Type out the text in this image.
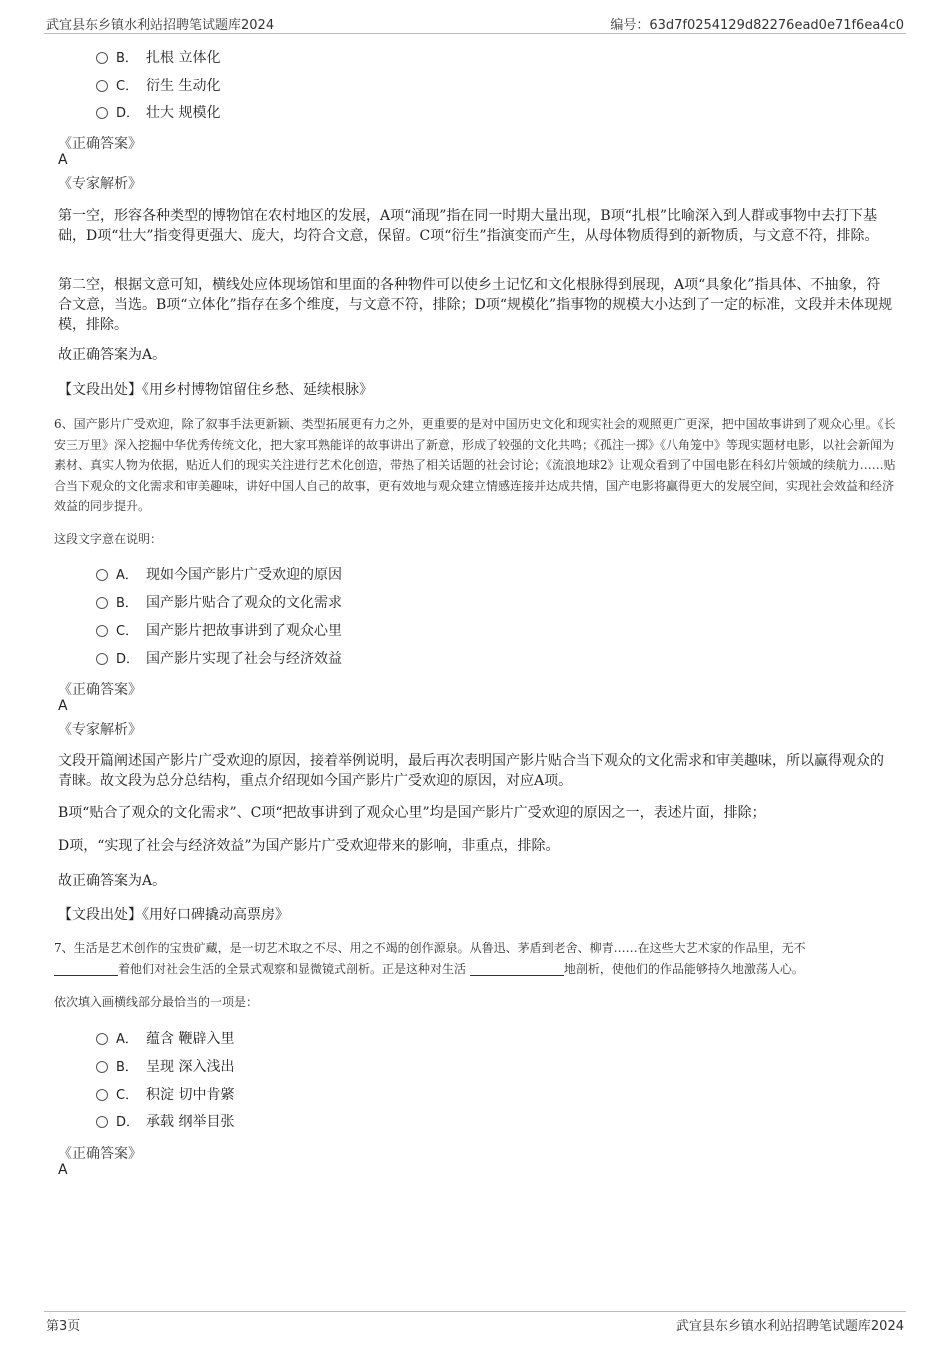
武宜县东乡镇水利站招聘笔试题库2024	编号：63d7f0254129d82276ead0e71f6ea4c0
B． 扎根 立体化
C． 衍生 生动化
D． 壮大 规模化
《正确答案》
A
《专家解析》
第一空，形容各种类型的博物馆在农村地区的发展，A项“涌现”指在同一时期大量出现，B项“扎根”比喻深入到人群或事物中去打下基础，D项“壮大”指变得更强大、庞大，均符合文意，保留。C项“衍生”指演变而产生，从母体物质得到的新物质，与文意不符，排除。
第二空，根据文意可知，横线处应体现场馆和里面的各种物件可以使乡土记忆和文化根脉得到展现，A项“具象化”指具体、不抽象，符合文意，当选。B项“立体化”指存在多个维度，与文意不符，排除；D项“规模化”指事物的规模大小达到了一定的标准，文段并未体现规模，排除。
故正确答案为A。
【文段出处】《用乡村博物馆留住乡愁、延续根脉》
6、国产影片广受欢迎，除了叙事手法更新颖、类型拓展更有力之外，更重要的是对中国历史文化和现实社会的观照更广更深，把中国故事讲到了观众心里。《长安三万里》深入挖掘中华优秀传统文化，把大家耳熟能详的故事讲出了新意，形成了较强的文化共鸣；《孤注一掷》《八角笼中》等现实题材电影，以社会新闻为素材、真实人物为依据，贴近人们的现实关注进行艺术化创造，带热了相关话题的社会讨论；《流浪地球2》让观众看到了中国电影在科幻片领域的续航力……贴合当下观众的文化需求和审美趣味，讲好中国人自己的故事，更有效地与观众建立情感连接并达成共情，国产电影将赢得更大的发展空间，实现社会效益和经济效益的同步提升。
这段文字意在说明：
A． 现如今国产影片广受欢迎的原因
B． 国产影片贴合了观众的文化需求
C． 国产影片把故事讲到了观众心里
D． 国产影片实现了社会与经济效益
《正确答案》
A
《专家解析》
文段开篇阐述国产影片广受欢迎的原因，接着举例说明，最后再次表明国产影片贴合当下观众的文化需求和审美趣味，所以赢得观众的青睐。故文段为总分总结构，重点介绍现如今国产影片广受欢迎的原因，对应A项。
B项“贴合了观众的文化需求”、C项“把故事讲到了观众心里”均是国产影片广受欢迎的原因之一，表述片面，排除；
D项，“实现了社会与经济效益”为国产影片广受欢迎带来的影响，非重点，排除。
故正确答案为A。
【文段出处】《用好口碑撬动高票房》
7、生活是艺术创作的宝贵矿藏，是一切艺术取之不尽、用之不竭的创作源泉。从鲁迅、茅盾到老舍、柳青……在这些大艺术家的作品里，无不
着他们对社会生活的全景式观察和显微镜式剖析。正是这种对生活	地剖析，使他们的作品能够持久地激荡人心。
依次填入画横线部分最恰当的一项是：
A． 蕴含 鞭辟入里
B． 呈现 深入浅出
C． 积淀 切中肯綮
D． 承载 纲举目张
《正确答案》
A
第3页	武宜县东乡镇水利站招聘笔试题库2024
